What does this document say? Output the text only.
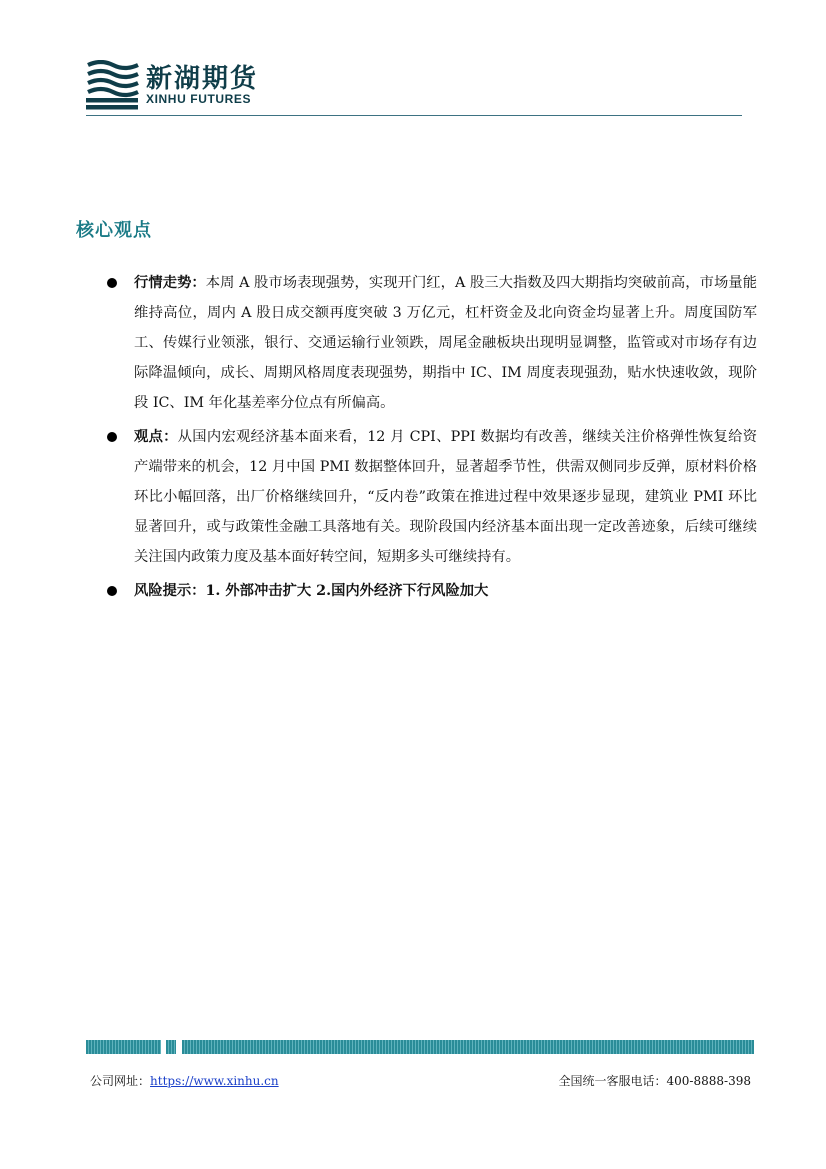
新湖期货
XINHU FUTURES
核心观点
行情走势：本周 A 股市场表现强势，实现开门红，A 股三大指数及四大期指均突破前高，市场量能维持高位，周内 A 股日成交额再度突破 3 万亿元，杠杆资金及北向资金均显著上升。周度国防军工、传媒行业领涨，银行、交通运输行业领跌，周尾金融板块出现明显调整，监管或对市场存有边际降温倾向，成长、周期风格周度表现强势，期指中 IC、IM 周度表现强劲，贴水快速收敛，现阶段 IC、IM 年化基差率分位点有所偏高。
观点：从国内宏观经济基本面来看，12 月 CPI、PPI 数据均有改善，继续关注价格弹性恢复给资产端带来的机会，12 月中国 PMI 数据整体回升，显著超季节性，供需双侧同步反弹，原材料价格环比小幅回落，出厂价格继续回升，“反内卷”政策在推进过程中效果逐步显现，建筑业 PMI 环比显著回升，或与政策性金融工具落地有关。现阶段国内经济基本面出现一定改善迹象，后续可继续关注国内政策力度及基本面好转空间，短期多头可继续持有。
风险提示：1. 外部冲击扩大 2.国内外经济下行风险加大
公司网址：https://www.xinhu.cn	全国统一客服电话：400-8888-398
